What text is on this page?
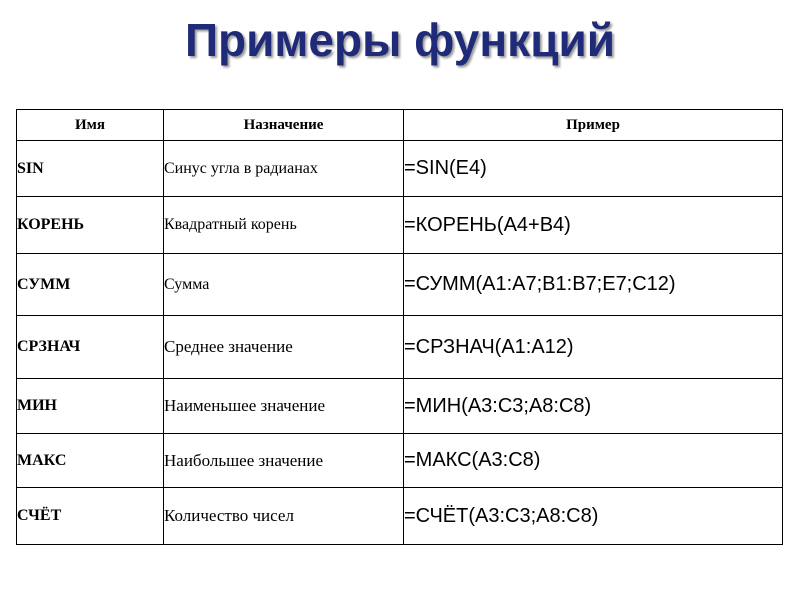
Примеры функций
Имя	Назначение	Пример
SIN	Синус угла в радианах	=SIN(E4)
КОРЕНЬ	Квадратный корень	=КОРЕНЬ(A4+B4)
СУММ	Сумма	=СУММ(A1:A7;B1:B7;E7;C12)
СРЗНАЧ	Среднее значение	=СРЗНАЧ(A1:A12)
МИН	Наименьшее значение	=МИН(A3:C3;A8:C8)
МАКС	Наибольшее значение	=МАКС(A3:C8)
СЧЁТ	Количество чисел	=СЧЁТ(A3:C3;A8:C8)
